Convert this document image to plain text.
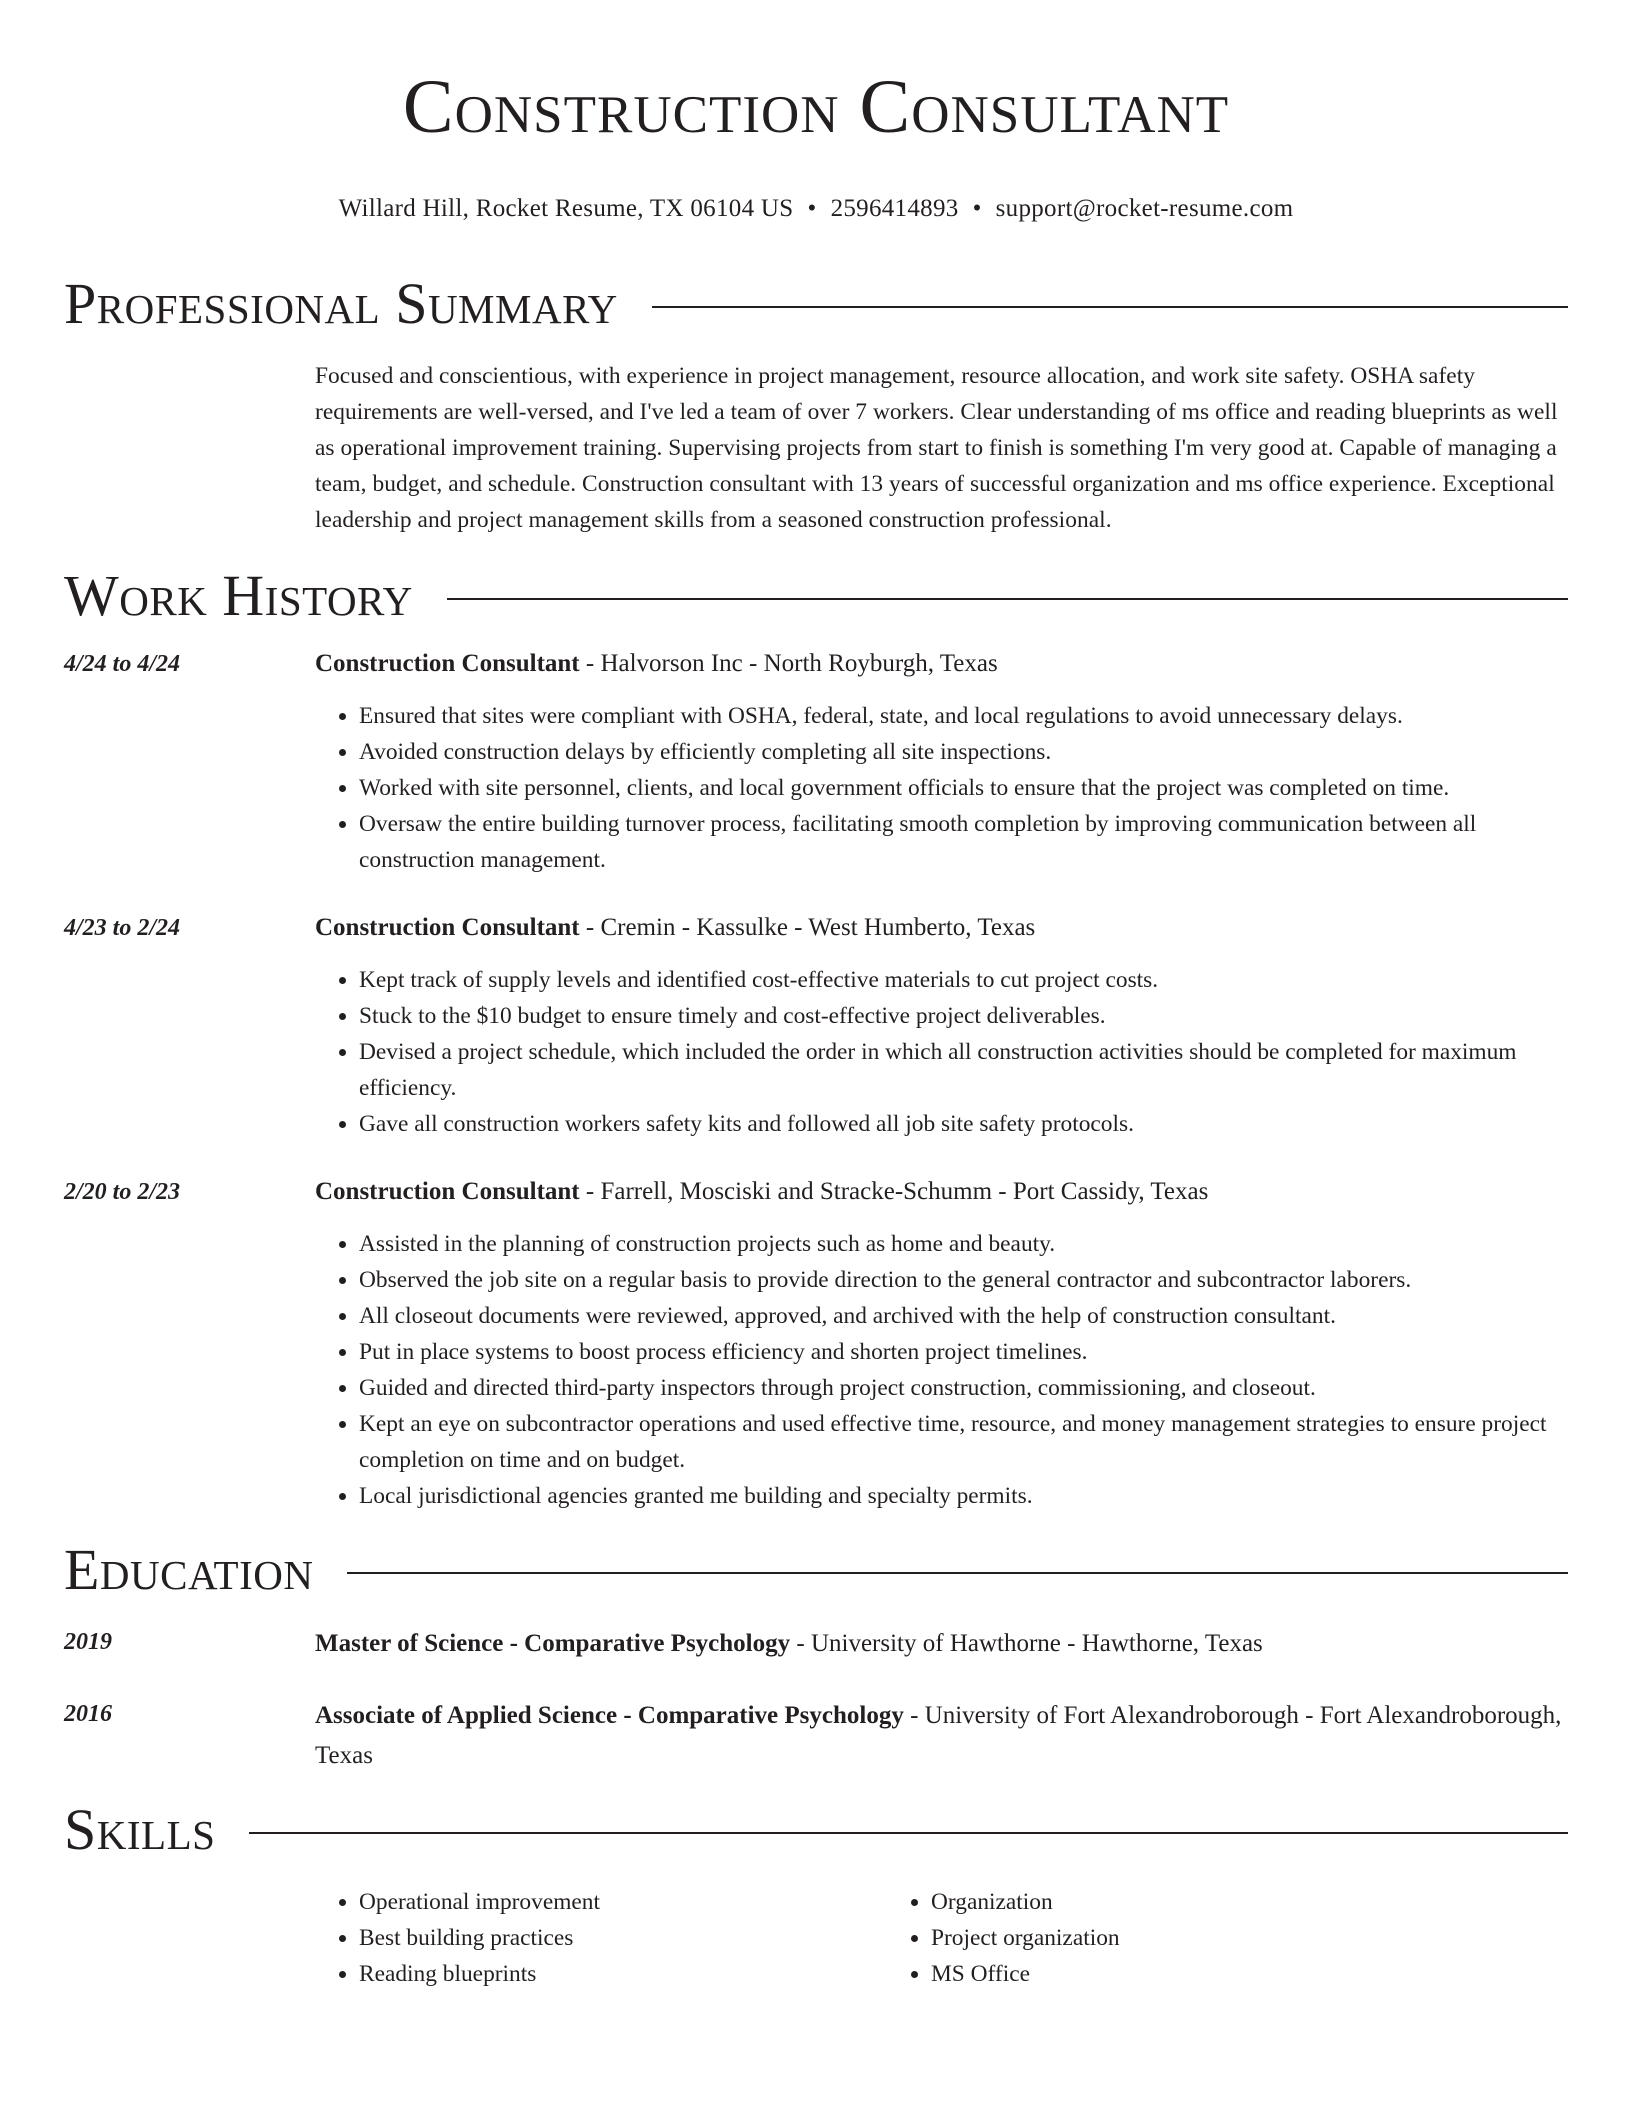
Construction Consultant
Willard Hill, Rocket Resume, TX 06104 US • 2596414893 • support@rocket-resume.com
Professional Summary
Focused and conscientious, with experience in project management, resource allocation, and work site safety. OSHA safety requirements are well-versed, and I've led a team of over 7 workers. Clear understanding of ms office and reading blueprints as well as operational improvement training. Supervising projects from start to finish is something I'm very good at. Capable of managing a team, budget, and schedule. Construction consultant with 13 years of successful organization and ms office experience. Exceptional leadership and project management skills from a seasoned construction professional.
Work History
4/24 to 4/24	Construction Consultant - Halvorson Inc - North Royburgh, Texas
• Ensured that sites were compliant with OSHA, federal, state, and local regulations to avoid unnecessary delays.
• Avoided construction delays by efficiently completing all site inspections.
• Worked with site personnel, clients, and local government officials to ensure that the project was completed on time.
• Oversaw the entire building turnover process, facilitating smooth completion by improving communication between all construction management.
4/23 to 2/24	Construction Consultant - Cremin - Kassulke - West Humberto, Texas
• Kept track of supply levels and identified cost-effective materials to cut project costs.
• Stuck to the $10 budget to ensure timely and cost-effective project deliverables.
• Devised a project schedule, which included the order in which all construction activities should be completed for maximum efficiency.
• Gave all construction workers safety kits and followed all job site safety protocols.
2/20 to 2/23	Construction Consultant - Farrell, Mosciski and Stracke-Schumm - Port Cassidy, Texas
• Assisted in the planning of construction projects such as home and beauty.
• Observed the job site on a regular basis to provide direction to the general contractor and subcontractor laborers.
• All closeout documents were reviewed, approved, and archived with the help of construction consultant.
• Put in place systems to boost process efficiency and shorten project timelines.
• Guided and directed third-party inspectors through project construction, commissioning, and closeout.
• Kept an eye on subcontractor operations and used effective time, resource, and money management strategies to ensure project completion on time and on budget.
• Local jurisdictional agencies granted me building and specialty permits.
Education
2019	Master of Science - Comparative Psychology - University of Hawthorne - Hawthorne, Texas
2016	Associate of Applied Science - Comparative Psychology - University of Fort Alexandroborough - Fort Alexandroborough, Texas
Skills
• Operational improvement
• Best building practices
• Reading blueprints
• Organization
• Project organization
• MS Office
